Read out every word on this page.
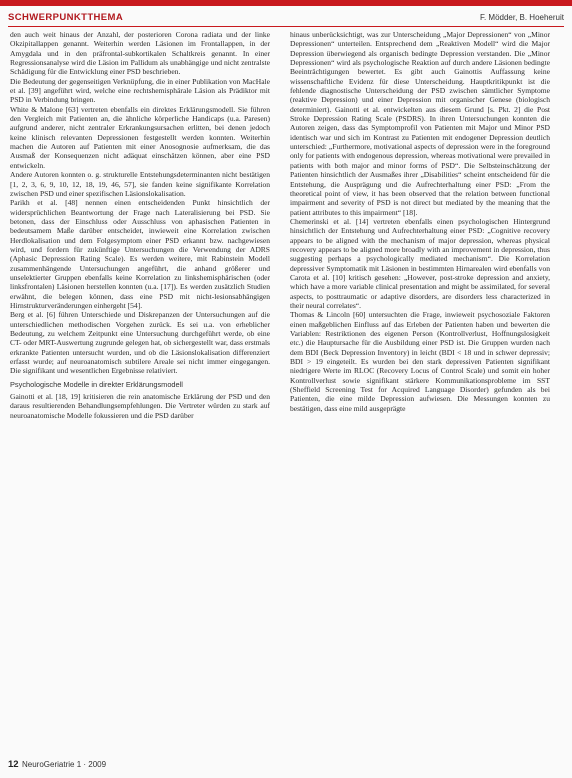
SCHWERPUNKTTHEMA	F. Mödder, B. Hoeheruit

den auch weit hinaus der Anzahl, der posterioren Corona radiata und der linke Okzipitallappen genannt. Weiterhin werden Läsionen im Frontallappen, in der Amygdala und in den präfrontal-subkortikalen Schaltkreis genannt. In einer Regressionsanalyse wird die Läsion im Pallidum als unabhängige und nicht zentralste Schädigung für die Entwicklung einer PSD beschrieben.

Die Bedeutung der gegenseitigen Verknüpfung, die in einer Publikation von MacHale et al. [39] angeführt wird, welche eine rechtshemisphärale Läsion als Prädiktor mit PSD in Verbindung bringen.

White & Malone [63] vertreten ebenfalls ein direktes Erklärungsmodell. Sie führen den Vergleich mit Patienten an, die ähnliche körperliche Handicaps (u.a. Paresen) aufgrund anderer, nicht zentraler Erkrankungsursachen erlitten, bei denen jedoch keine klinisch relevanten Depressionen festgestellt werden konnten. Weiterhin machen die Autoren auf Patienten mit einer Anosognosie aufmerksam, die das Ausmaß der Konsequenzen nicht adäquat einschätzen können, aber eine PSD entwickeln.

Andere Autoren konnten o. g. strukturelle Entstehungsdeterminanten nicht bestätigen [1, 2, 3, 6, 9, 10, 12, 18, 19, 46, 57], sie fanden keine signifikante Korrelation zwischen PSD und einer spezifischen Läsionslokalisation.

Parikh et al. [48] nennen einen entscheidenden Punkt hinsichtlich der widersprüchlichen Beantwortung der Frage nach Lateralisierung bei PSD. Sie betonen, dass der Einschluss oder Ausschluss von aphasischen Patienten in bedeutsamem Maße darüber entscheidet, inwieweit eine Korrelation zwischen Herdlokalisation und dem Folgesymptom einer PSD erkannt bzw. nachgewiesen wird, und fordern für zukünftige Untersuchungen die Verwendung der ADRS (Aphasic Depression Rating Scale). Es werden weitere, mit Rabinstein Modell zusammenhängende Untersuchungen angeführt, die anhand größerer und unselektierter Gruppen ebenfalls keine Korrelation zu linkshemisphärischen (oder linksfrontalen) Läsionen herstellen konnten (u.a. [17]). Es werden zusätzlich Studien erwähnt, die belegen können, dass eine PSD mit nicht-lesionsabhängigen Hirnstrukturveränderungen einhergeht [54].

Berg et al. [6] führen Unterschiede und Diskrepanzen der Untersuchungen auf die unterschiedlichen methodischen Vorgehen zurück. Es sei u.a. von erheblicher Bedeutung, zu welchem Zeitpunkt eine Untersuchung durchgeführt werde, ob eine CT- oder MRT-Auswertung zugrunde gelegen hat, ob sichergestellt war, dass erstmals erkrankte Patienten untersucht wurden, und ob die Läsionslokalisation differenziert erfasst wurde; auf neuroanatomisch subtilere Areale sei nicht immer eingegangen. Die signifikant und wesentlichen Ergebnisse relativiert.

Psychologische Modelle in direkter Erklärungsmodell

Gainotti et al. [18, 19] kritisieren die rein anatomische Erklärung der PSD und den daraus resultierenden Behandlungsempfehlungen. Die Vertreter würden zu stark auf neuroanatomische Modelle fokussieren und die PSD darüber

hinaus unberücksichtigt, was zur Unterscheidung „Major Depressionen“ von „Minor Depressionen“ unterteilen. Entsprechend dem „Reaktiven Modell“ wird die Major Depression überwiegend als organisch bedingte Depression verstanden. Die „Minor Depressionen“ wird als psychologische Reaktion auf durch andere Läsionen bedingte Beeinträchtigungen bewertet. Es gibt auch Gainottis Auffassung keine wissenschaftliche Evidenz für diese Unterscheidung. Hauptkritikpunkt ist die fehlende diagnostische Unterscheidung der PSD zwischen sämtlicher Symptome (reaktive Depression) und einer Depression mit organischer Genese (biologisch determiniert). Gainotti et al. entwickelten aus diesem Grund [s. Pkt. 2] die Post Stroke Depression Rating Scale (PSDRS). In ihren Untersuchungen konnten die Autoren zeigen, dass das Symptomprofil von Patienten mit Major und Minor PSD identisch war und sich im Kontrast zu Patienten mit endogener Depression deutlich unterschied: „Furthermore, motivational aspects of depression were in the foreground only for patients with endogenous depression, whereas motivational were prevailed in patients with both major and minor forms of PSD“. Die Selbsteinschätzung der Patienten hinsichtlich der Ausmaßes ihrer „Disabilities“ scheint entscheidend für die Entstehung, die Ausprägung und die Aufrechterhaltung einer PSD: „From the theoretical point of view, it has been observed that the relation between functional impairment and severity of PSD is not direct but mediated by the meaning that the patient attributes to this impairment“ [18].

Chemerinski et al. [14] vertreten ebenfalls einen psychologischen Hintergrund hinsichtlich der Entstehung und Aufrechterhaltung einer PSD: „Cognitive recovery appears to be aligned with the mechanism of major depression, whereas physical recovery appears to be aligned more broadly with an improvement in depression, thus suggesting perhaps a psychologically mediated mechanism“. Die Korrelation depressiver Symptomatik mit Läsionen in bestimmten Hirnarealen wird ebenfalls von Carota et al. [10] kritisch gesehen: „However, post-stroke depression and anxiety, which have a more variable clinical presentation and might be assimilated, for several aspects, to posttraumatic or adaptive disorders, are disorders less characterized in their neural correlates“.

Thomas & Lincoln [60] untersuchten die Frage, inwieweit psychosoziale Faktoren einen maßgeblichen Einfluss auf das Erleben der Patienten haben und bewerten die Variablen: Restriktionen des eigenen Person (Kontrollverlust, Hoffnungslosigkeit etc.) die Hauptursache für die Ausbildung einer PSD ist. Die Gruppen wurden nach dem BDI (Beck Depression Inventory) in leicht (BDI < 18 und in schwer depressiv; BDI > 19 eingeteilt. Es wurden bei den stark depressiven Patienten signifikant niedrigere Werte im RLOC (Recovery Locus of Control Scale) und somit ein hoher Kontrollverlust sowie signifikant stärkere Kommunikationsprobleme im SST (Sheffield Screening Test for Acquired Language Disorder) gefunden als bei Patienten, die eine milde Depression aufwiesen. Die Messungen konnten zu bestätigen, dass eine mild ausgeprägte

12 NeuroGeriatrie 1 · 2009
